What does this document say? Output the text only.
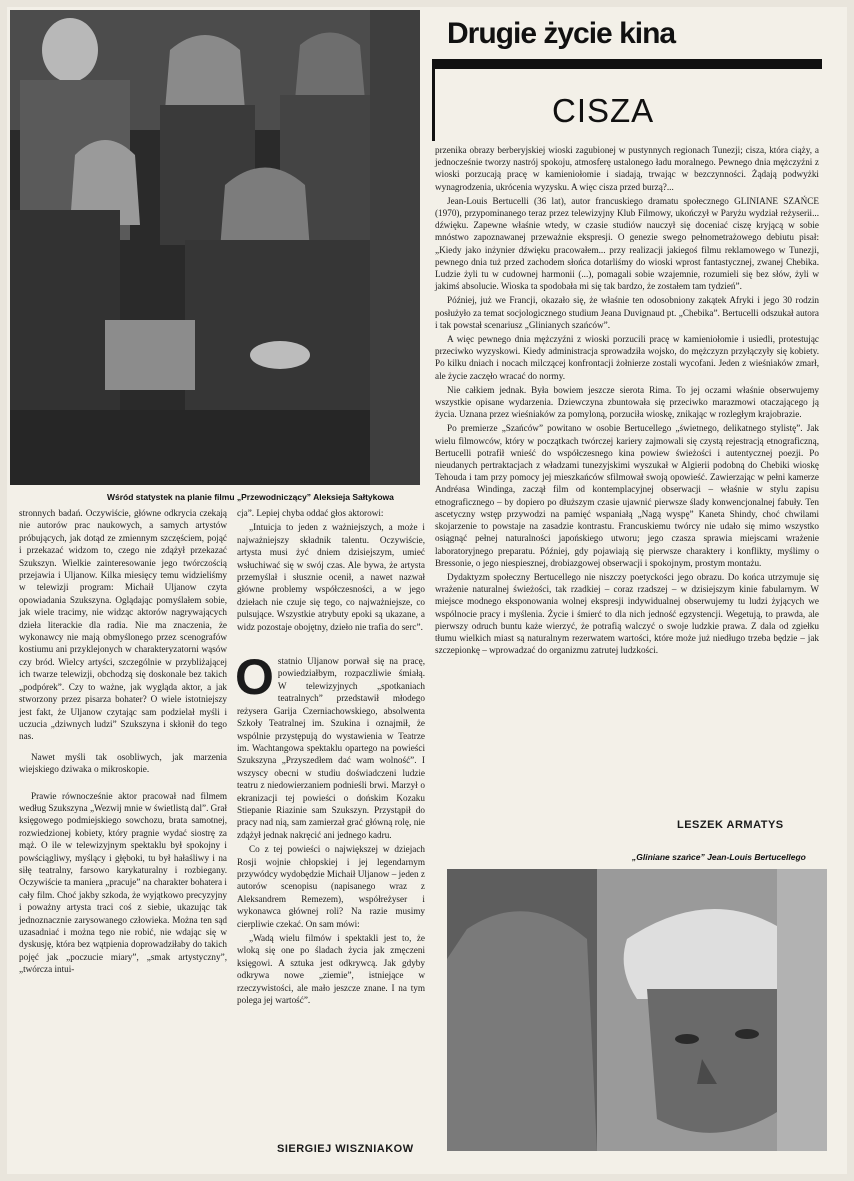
Wśród statystek na planie filmu „Przewodniczący” Aleksieja Sałtykowa
Drugie życie kina
CISZA

przenika obrazy berberyjskiej wioski zagubionej w pustynnych regionach Tunezji; cisza, która ciąży, a jednocześnie tworzy nastrój spokoju, atmosferę ustalonego ładu moralnego. Pewnego dnia mężczyźni z wioski porzucają pracę w kamieniołomie i siadają, trwając w bezczynności. Żądają podwyżki wynagrodzenia, ukrócenia wyzysku. A więc cisza przed burzą?...

Jean-Louis Bertucelli (36 lat), autor francuskiego dramatu społecznego GLINIANE SZAŃCE (1970), przypominanego teraz przez telewizyjny Klub Filmowy, ukończył w Paryżu wydział reżyserii... dźwięku. Zapewne właśnie wtedy, w czasie studiów nauczył się doceniać ciszę kryjącą w sobie mnóstwo zapoznawanej przeważnie ekspresji. O genezie swego pełnometrażowego debiutu pisał: „Kiedy jako inżynier dźwięku pracowałem... przy realizacji jakiegoś filmu reklamowego w Tunezji, pewnego dnia tuż przed zachodem słońca dotarliśmy do wioski wprost fantastycznej, zwanej Chebika. Ludzie żyli tu w cudownej harmonii (...), pomagali sobie wzajemnie, rozumieli się bez słów, żyli w jakimś absolucie. Wioska ta spodobała mi się tak bardzo, że zostałem tam tydzień”.

Później, już we Francji, okazało się, że właśnie ten odosobniony zakątek Afryki i jego 30 rodzin posłużyło za temat socjologicznego studium Jeana Duvignaud pt. „Chebika”. Bertucelli odszukał autora i tak powstał scenariusz „Glinianych szańców”.

A więc pewnego dnia mężczyźni z wioski porzucili pracę w kamieniołomie i usiedli, protestując przeciwko wyzyskowi. Kiedy administracja sprowadziła wojsko, do mężczyzn przyłączyły się kobiety. Po kilku dniach i nocach milczącej konfrontacji żołnierze zostali wycofani. Jeden z wieśniaków zmarł, ale życie zaczęło wracać do normy.

Nie całkiem jednak. Była bowiem jeszcze sierota Rima. To jej oczami właśnie obserwujemy wszystkie opisane wydarzenia. Dziewczyna zbuntowała się przeciwko marazmowi otaczającego ją życia. Uznana przez wieśniaków za pomyloną, porzuciła wioskę, znikając w rozległym krajobrazie.

Po premierze „Szańców” powitano w osobie Bertucellego „świetnego, delikatnego stylistę”. Jak wielu filmowców, który w początkach twórczej kariery zajmowali się czystą rejestracją etnograficzną, Bertucelli potrafił wnieść do współczesnego kina powiew świeżości i autentycznej poezji. Po nieudanych pertraktacjach z władzami tunezyjskimi wyszukał w Algierii podobną do Chebiki wioskę Tehouda i tam przy pomocy jej mieszkańców sfilmował swoją opowieść. Zawierzając w pełni kamerze Andréasa Windinga, zaczął film od kontemplacyjnej obserwacji – właśnie w stylu zapisu etnograficznego – by dopiero po dłuższym czasie ujawnić pierwsze ślady konwencjonalnej fabuły. Ten ascetyczny wstęp przywodzi na pamięć wspaniałą „Nagą wyspę” Kaneta Shindy, choć chwilami skojarzenie to powstaje na zasadzie kontrastu. Francuskiemu twórcy nie udało się mimo wszystko osiągnąć pełnej naturalności japońskiego utworu; jego czasza sprawia miejscami wrażenie laboratoryjnego preparatu. Później, gdy pojawiają się pierwsze charaktery i konflikty, myślimy o Bressonie, o jego niespiesznej, drobiazgowej obserwacji i spokojnym, prostym montażu.

Dydaktyzm społeczny Bertucellego nie niszczy poetyckości jego obrazu. Do końca utrzymuje się wrażenie naturalnej świeżości, tak rzadkiej – coraz rzadszej – w dzisiejszym kinie fabularnym. W miejsce modnego eksponowania wolnej ekspresji indywidualnej obserwujemy tu ludzi żyjących we wspólnocie pracy i myślenia. Życie i śmierć to dla nich jedność egzystencji. Wegetują, to prawda, ale pierwszy odruch buntu każe wierzyć, że potrafią walczyć o swoje ludzkie prawa. Z dala od zgiełku tłumu wielkich miast są naturalnym rezerwatem wartości, które może już niedługo trzeba będzie – jak szczepionkę – wprowadzać do organizmu zatrutej ludzkości.

LESZEK ARMATYS
„Gliniane szańce” Jean-Louis Bertucellego

stronnych badań. Oczywiście, główne odkrycia czekają nie autorów prac naukowych, a samych artystów próbujących, jak dotąd ze zmiennym szczęściem, pojąć i przekazać widzom to, czego nie zdążył przekazać Szukszyn. Wielkie zainteresowanie jego twórczością przejawia i Uljanow. Kilka miesięcy temu widzieliśmy w telewizji program: Michaił Uljanow czyta opowiadania Szukszyna. Oglądając pomyślałem sobie, jak wiele tracimy, nie widząc aktorów nagrywających dzieła literackie dla radia. Nie ma znaczenia, że wykonawcy nie mają obmyślonego przez scenografów kostiumu ani przyklejonych w charakteryzatorni wąsów czy bród. Wielcy artyści, szczególnie w przybliżającej ich twarze telewizji, obchodzą się doskonale bez takich „podpórek”. Czy to ważne, jak wygląda aktor, a jak stworzony przez pisarza bohater? O wiele istotniejszy jest fakt, że Uljanow czytając sam podzielał myśli i uczucia „dziwnych ludzi” Szukszyna i skłonił do tego nas.

Nawet myśli tak osobliwych, jak marzenia wiejskiego dziwaka o mikroskopie.

Prawie równocześnie aktor pracował nad filmem według Szukszyna „Wezwij mnie w świetlistą dal”. Grał księgowego podmiejskiego sowchozu, brata samotnej, rozwiedzionej kobiety, który pragnie wydać siostrę za mąż. O ile w telewizyjnym spektaklu był spokojny i powściągliwy, myślący i głęboki, tu był hałaśliwy i na siłę teatralny, farsowo karykaturalny i rozbiegany. Oczywiście ta maniera „pracuje” na charakter bohatera i cały film. Choć jakby szkoda, że wyjątkowo precyzyjny i poważny artysta traci coś z siebie, ukazując tak jednoznacznie zarysowanego człowieka. Można ten sąd uzasadniać i można tego nie robić, nie wdając się w dyskusję, która bez wątpienia doprowadziłaby do takich pojęć jak „poczucie miary”, „smak artystyczny”, „twórcza intui-

cja”. Lepiej chyba oddać głos aktorowi:

„Intuicja to jeden z ważniejszych, a może i najważniejszy składnik talentu. Oczywiście, artysta musi żyć dniem dzisiejszym, umieć wsłuchiwać się w swój czas. Ale bywa, że artysta przemyślał i słusznie ocenił, a nawet nazwał główne problemy współczesności, a w jego dziełach nie czuje się tego, co najważniejsze, co pulsujące. Wszystkie atrybuty epoki są ukazane, a widz pozostaje obojętny, dzieło nie trafia do serc”.

Ostatnio Uljanow porwał się na pracę, powiedziałbym, rozpaczliwie śmiałą. W telewizyjnych „spotkaniach teatralnych” przedstawił młodego reżysera Garija Czerniachowskiego, absolwenta Szkoły Teatralnej im. Szukina i oznajmił, że wspólnie przystępują do wystawienia w Teatrze im. Wachtangowa spektaklu opartego na powieści Szukszyna „Przyszedłem dać wam wolność”. I wszyscy obecni w studiu doświadczeni ludzie teatru z niedowierzaniem podnieśli brwi. Marzył o ekranizacji tej powieści o dońskim Kozaku Stiepanie Riazinie sam Szukszyn. Przystąpił do pracy nad nią, sam zamierzał grać główną rolę, nie zdążył jednak nakręcić ani jednego kadru.

Co z tej powieści o największej w dziejach Rosji wojnie chłopskiej i jej legendarnym przywódcy wydobędzie Michaił Uljanow – jeden z autorów scenopisu (napisanego wraz z Aleksandrem Remezem), współreżyser i wykonawca głównej roli? Na razie musimy cierpliwie czekać. On sam mówi:

„Wadą wielu filmów i spektakli jest to, że wloką się one po śladach życia jak zmęczeni księgowi. A sztuka jest odkrywcą. Jak gdyby odkrywa nowe „ziemie”, istniejące w rzeczywistości, ale mało jeszcze znane. I na tym polega jej wartość”.

SIERGIEJ WISZNIAKOW
